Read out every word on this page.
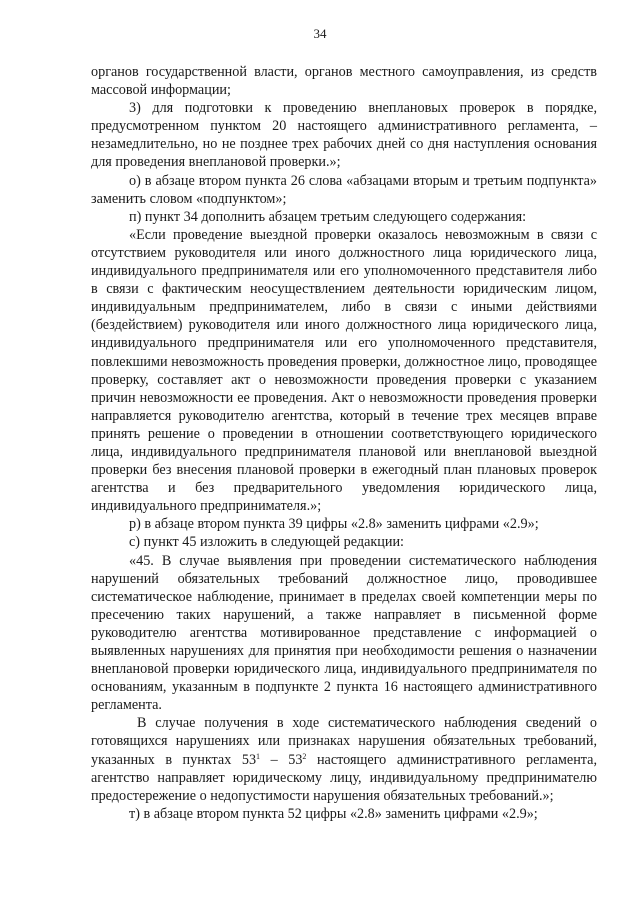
34

органов государственной власти, органов местного самоуправления, из средств массовой информации;

3) для подготовки к проведению внеплановых проверок в порядке, предусмотренном пунктом 20 настоящего административного регламента, – незамедлительно, но не позднее трех рабочих дней со дня наступления основания для проведения внеплановой проверки.»;

о) в абзаце втором пункта 26 слова «абзацами вторым и третьим подпункта» заменить словом «подпунктом»;

п) пункт 34 дополнить абзацем третьим следующего содержания:

«Если проведение выездной проверки оказалось невозможным в связи с отсутствием руководителя или иного должностного лица юридического лица, индивидуального предпринимателя или его уполномоченного представителя либо в связи с фактическим неосуществлением деятельности юридическим лицом, индивидуальным предпринимателем, либо в связи с иными действиями (бездействием) руководителя или иного должностного лица юридического лица, индивидуального предпринимателя или его уполномоченного представителя, повлекшими невозможность проведения проверки, должностное лицо, проводящее проверку, составляет акт о невозможности проведения проверки с указанием причин невозможности ее проведения. Акт о невозможности проведения проверки направляется руководителю агентства, который в течение трех месяцев вправе принять решение о проведении в отношении соответствующего юридического лица, индивидуального предпринимателя плановой или внеплановой выездной проверки без внесения плановой проверки в ежегодный план плановых проверок агентства и без предварительного уведомления юридического лица, индивидуального предпринимателя.»;

р) в абзаце втором пункта 39 цифры «2.8» заменить цифрами «2.9»;

с) пункт 45 изложить в следующей редакции:

«45. В случае выявления при проведении систематического наблюдения нарушений обязательных требований должностное лицо, проводившее систематическое наблюдение, принимает в пределах своей компетенции меры по пресечению таких нарушений, а также направляет в письменной форме руководителю агентства мотивированное представление с информацией о выявленных нарушениях для принятия при необходимости решения о назначении внеплановой проверки юридического лица, индивидуального предпринимателя по основаниям, указанным в подпункте 2 пункта 16 настоящего административного регламента.

В случае получения в ходе систематического наблюдения сведений о готовящихся нарушениях или признаках нарушения обязательных требований, указанных в пунктах $53^1 - 53^2$ настоящего административного регламента, агентство направляет юридическому лицу, индивидуальному предпринимателю предостережение о недопустимости нарушения обязательных требований.»;

т) в абзаце втором пункта 52 цифры «2.8» заменить цифрами «2.9»;
